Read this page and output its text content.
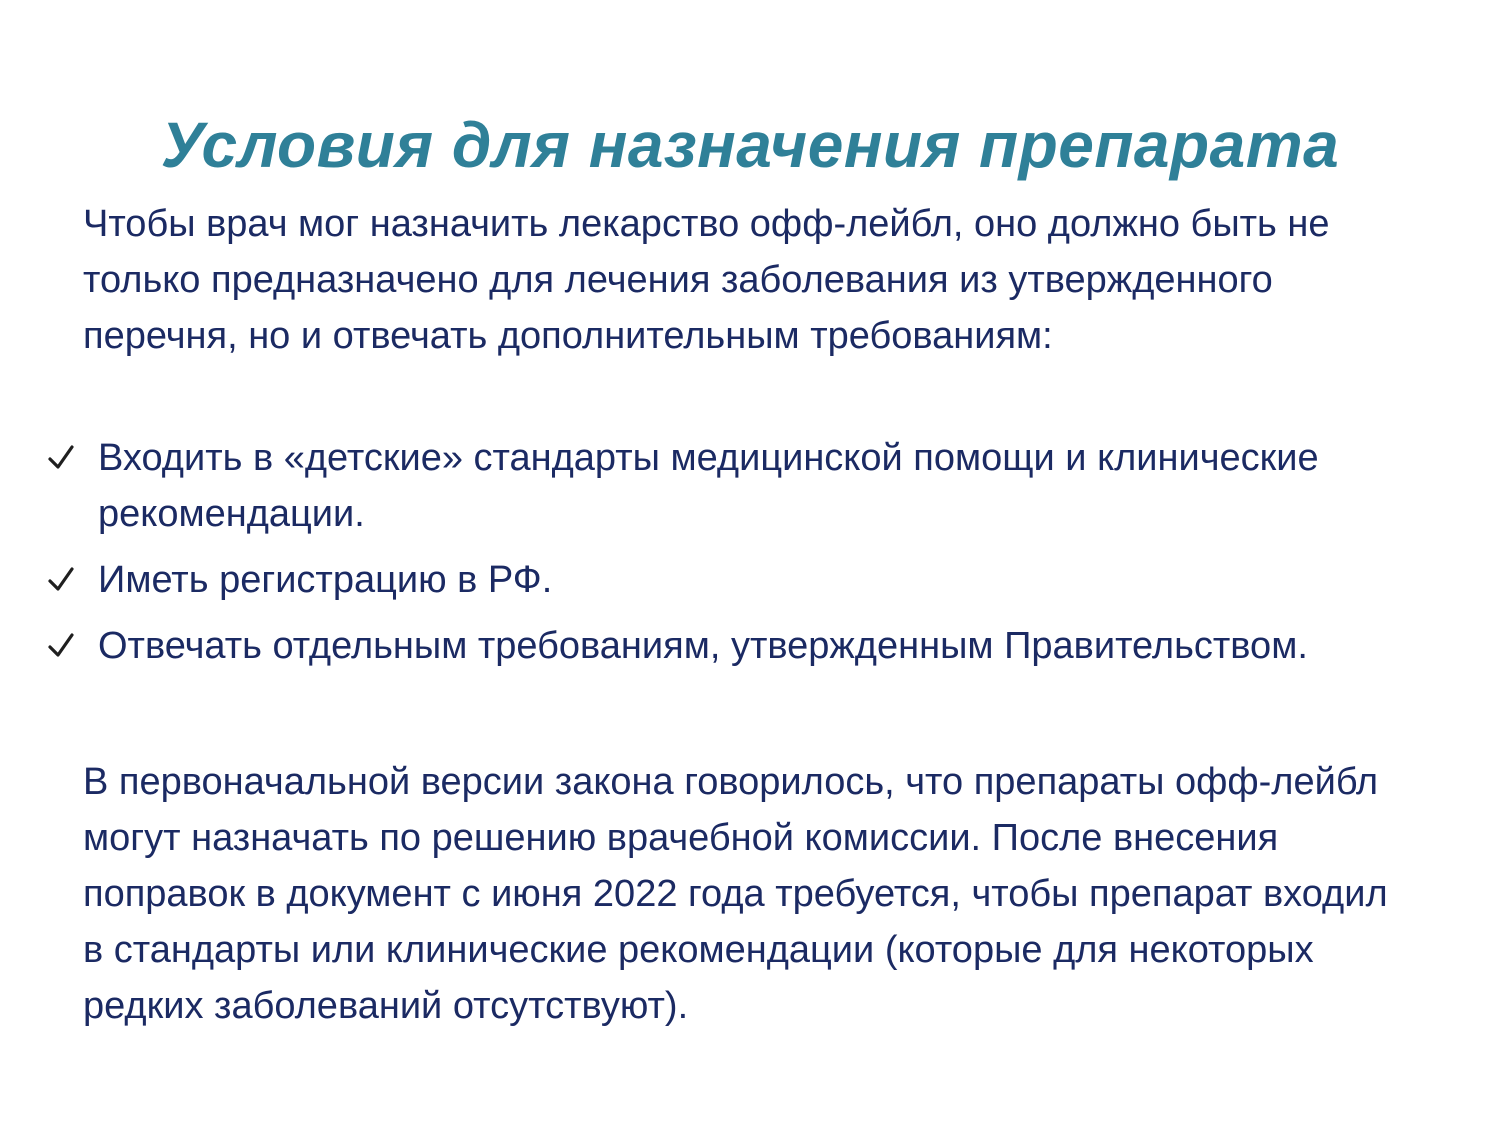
Условия для назначения препарата
Чтобы врач мог назначить лекарство офф-лейбл, оно должно быть не только предназначено для лечения заболевания из утвержденного перечня, но и отвечать дополнительным требованиям:
Входить в «детские» стандарты медицинской помощи и клинические рекомендации.
Иметь регистрацию в РФ.
Отвечать отдельным требованиям, утвержденным Правительством.
В первоначальной версии закона говорилось, что препараты офф-лейбл могут назначать по решению врачебной комиссии. После внесения поправок в документ с июня 2022 года требуется, чтобы препарат входил в стандарты или клинические рекомендации (которые для некоторых редких заболеваний отсутствуют).
